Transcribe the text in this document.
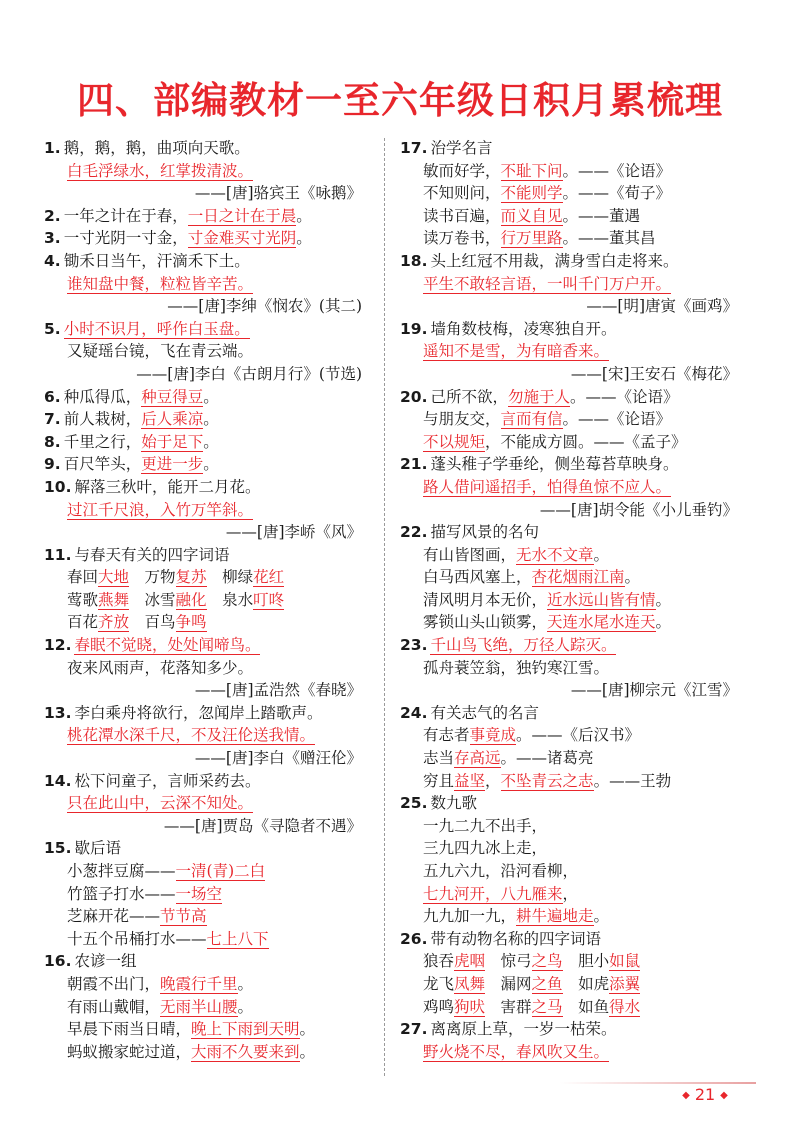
四、部编教材一至六年级日积月累梳理
1. 鹅，鹅，鹅，曲项向天歌。
白毛浮绿水，红掌拨清波。
——[唐]骆宾王《咏鹅》
2. 一年之计在于春，一日之计在于晨。
3. 一寸光阴一寸金，寸金难买寸光阴。
4. 锄禾日当午，汗滴禾下土。
谁知盘中餐，粒粒皆辛苦。
——[唐]李绅《悯农》(其二)
5. 小时不识月，呼作白玉盘。
又疑瑶台镜，飞在青云端。
——[唐]李白《古朗月行》(节选)
6. 种瓜得瓜，种豆得豆。
7. 前人栽树，后人乘凉。
8. 千里之行，始于足下。
9. 百尺竿头，更进一步。
10. 解落三秋叶，能开二月花。
过江千尺浪，入竹万竿斜。
——[唐]李峤《风》
11. 与春天有关的四字词语
春回大地　万物复苏　柳绿花红
莺歌燕舞　冰雪融化　泉水叮咚
百花齐放　百鸟争鸣
12. 春眠不觉晓，处处闻啼鸟。
夜来风雨声，花落知多少。
——[唐]孟浩然《春晓》
13. 李白乘舟将欲行，忽闻岸上踏歌声。
桃花潭水深千尺，不及汪伦送我情。
——[唐]李白《赠汪伦》
14. 松下问童子，言师采药去。
只在此山中，云深不知处。
——[唐]贾岛《寻隐者不遇》
15. 歇后语
小葱拌豆腐——一清(青)二白
竹篮子打水——一场空
芝麻开花——节节高
十五个吊桶打水——七上八下
16. 农谚一组
朝霞不出门，晚霞行千里。
有雨山戴帽，无雨半山腰。
早晨下雨当日晴，晚上下雨到天明。
蚂蚁搬家蛇过道，大雨不久要来到。
17. 治学名言
敏而好学，不耻下问。——《论语》
不知则问，不能则学。——《荀子》
读书百遍，而义自见。——董遇
读万卷书，行万里路。——董其昌
18. 头上红冠不用裁，满身雪白走将来。
平生不敢轻言语，一叫千门万户开。
——[明]唐寅《画鸡》
19. 墙角数枝梅，凌寒独自开。
遥知不是雪，为有暗香来。
——[宋]王安石《梅花》
20. 己所不欲，勿施于人。——《论语》
与朋友交，言而有信。——《论语》
不以规矩，不能成方圆。——《孟子》
21. 蓬头稚子学垂纶，侧坐莓苔草映身。
路人借问遥招手，怕得鱼惊不应人。
——[唐]胡令能《小儿垂钓》
22. 描写风景的名句
有山皆图画，无水不文章。
白马西风塞上，杏花烟雨江南。
清风明月本无价，近水远山皆有情。
雾锁山头山锁雾，天连水尾水连天。
23. 千山鸟飞绝，万径人踪灭。
孤舟蓑笠翁，独钓寒江雪。
——[唐]柳宗元《江雪》
24. 有关志气的名言
有志者事竟成。——《后汉书》
志当存高远。——诸葛亮
穷且益坚，不坠青云之志。——王勃
25. 数九歌
一九二九不出手，
三九四九冰上走，
五九六九，沿河看柳，
七九河开，八九雁来，
九九加一九，耕牛遍地走。
26. 带有动物名称的四字词语
狼吞虎咽　惊弓之鸟　胆小如鼠
龙飞凤舞　漏网之鱼　如虎添翼
鸡鸣狗吠　害群之马　如鱼得水
27. 离离原上草，一岁一枯荣。
野火烧不尽，春风吹又生。
◆ 21 ◆
